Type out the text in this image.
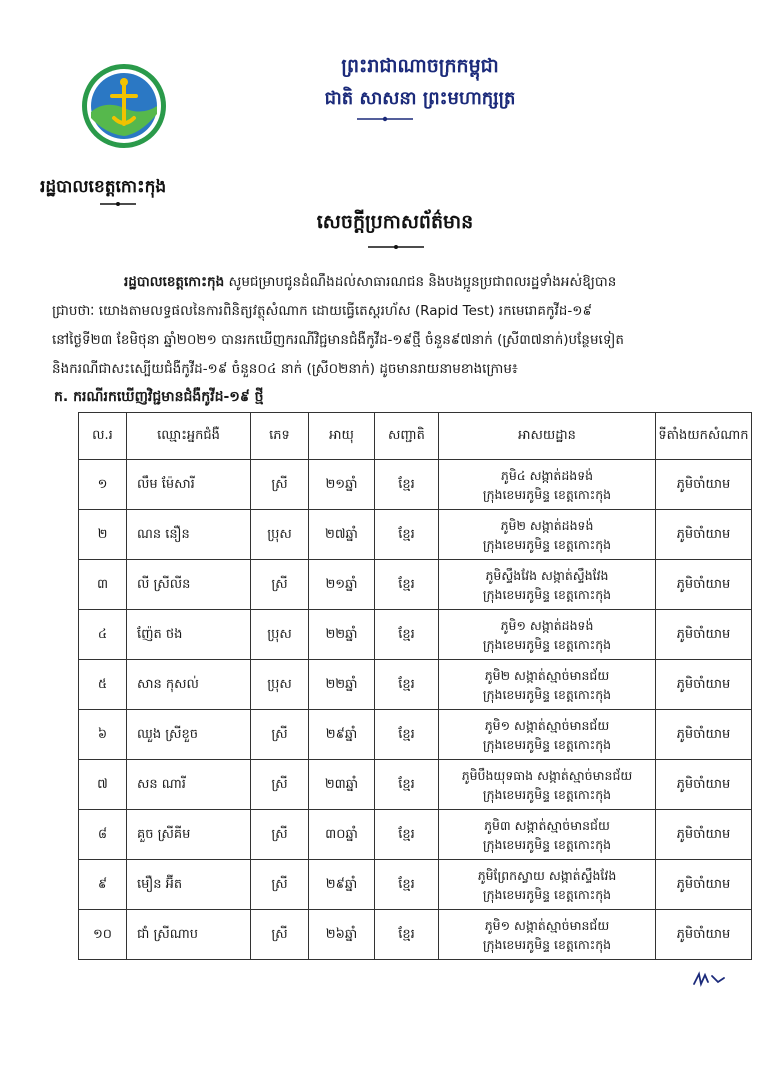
ព្រះរាជាណាចក្រកម្ពុជា
ជាតិ សាសនា ព្រះមហាក្សត្រ
រដ្ឋបាលខេត្តកោះកុង
សេចក្តីប្រកាសព័ត៌មាន

រដ្ឋបាលខេត្តកោះកុង សូមជម្រាបជូនដំណឹងដល់សាធារណជន និងបងប្អូនប្រជាពលរដ្ឋទាំងអស់ឱ្យបាន

ជ្រាបថាៈ យោងតាមលទ្ធផលនៃការពិនិត្យវត្ថុសំណាក ដោយធ្វើតេស្តរហ័ស (Rapid Test) រកមេរោគកូវីដ-១៩

នៅថ្ងៃទី២៣ ខែមិថុនា ឆ្នាំ២០២១ បានរកឃើញករណីវិជ្ជមានជំងឺកូវីដ-១៩ថ្មី ចំនួន៩៧នាក់ (ស្រី៣៧នាក់)បន្ថែមទៀត

និងករណីជាសះស្បើយជំងឺកូវីដ-១៩ ចំនួន០៤ នាក់ (ស្រី០២នាក់) ដូចមានរាយនាមខាងក្រោម៖

ក. ករណីរកឃើញវិជ្ជមានជំងឺកូវីដ-១៩ ថ្មី
ល.រ	ឈ្មោះអ្នកជំងឺ	ភេទ	អាយុ	សញ្ជាតិ	អាសយដ្ឋាន	ទីតាំងយកសំណាក
១	លឹម ម៉ែសារី	ស្រី	២១ឆ្នាំ	ខ្មែរ	ភូមិ៤ សង្កាត់ដងទង់
ក្រុងខេមរភូមិន្ទ ខេត្តកោះកុង	ភូមិចាំយាម
២	ណន នឿន	ប្រុស	២៧ឆ្នាំ	ខ្មែរ	ភូមិ២ សង្កាត់ដងទង់
ក្រុងខេមរភូមិន្ទ ខេត្តកោះកុង	ភូមិចាំយាម
៣	លី ស្រីលីន	ស្រី	២១ឆ្នាំ	ខ្មែរ	ភូមិស្ទឹងវែង សង្កាត់ស្ទឹងវែង
ក្រុងខេមរភូមិន្ទ ខេត្តកោះកុង	ភូមិចាំយាម
៤	ញ៉ែត ថង	ប្រុស	២២ឆ្នាំ	ខ្មែរ	ភូមិ១ សង្កាត់ដងទង់
ក្រុងខេមរភូមិន្ទ ខេត្តកោះកុង	ភូមិចាំយាម
៥	សាន កុសល់	ប្រុស	២២ឆ្នាំ	ខ្មែរ	ភូមិ២ សង្កាត់ស្មាច់មានជ័យ
ក្រុងខេមរភូមិន្ទ ខេត្តកោះកុង	ភូមិចាំយាម
៦	ឈួង ស្រីខួច	ស្រី	២៩ឆ្នាំ	ខ្មែរ	ភូមិ១ សង្កាត់ស្មាច់មានជ័យ
ក្រុងខេមរភូមិន្ទ ខេត្តកោះកុង	ភូមិចាំយាម
៧	សន ណារី	ស្រី	២៣ឆ្នាំ	ខ្មែរ	ភូមិបឹងយុទធាង សង្កាត់ស្មាច់មានជ័យ
ក្រុងខេមរភូមិន្ទ ខេត្តកោះកុង	ភូមិចាំយាម
៨	គួច ស្រីគីម	ស្រី	៣០ឆ្នាំ	ខ្មែរ	ភូមិ៣ សង្កាត់ស្មាច់មានជ័យ
ក្រុងខេមរភូមិន្ទ ខេត្តកោះកុង	ភូមិចាំយាម
៩	មឿន អ៊ីត	ស្រី	២៩ឆ្នាំ	ខ្មែរ	ភូមិព្រែកស្វាយ សង្កាត់ស្ទឹងវែង
ក្រុងខេមរភូមិន្ទ ខេត្តកោះកុង	ភូមិចាំយាម
១០	ជាំ ស្រីណាប	ស្រី	២៦ឆ្នាំ	ខ្មែរ	ភូមិ១ សង្កាត់ស្មាច់មានជ័យ
ក្រុងខេមរភូមិន្ទ ខេត្តកោះកុង	ភូមិចាំយាម
